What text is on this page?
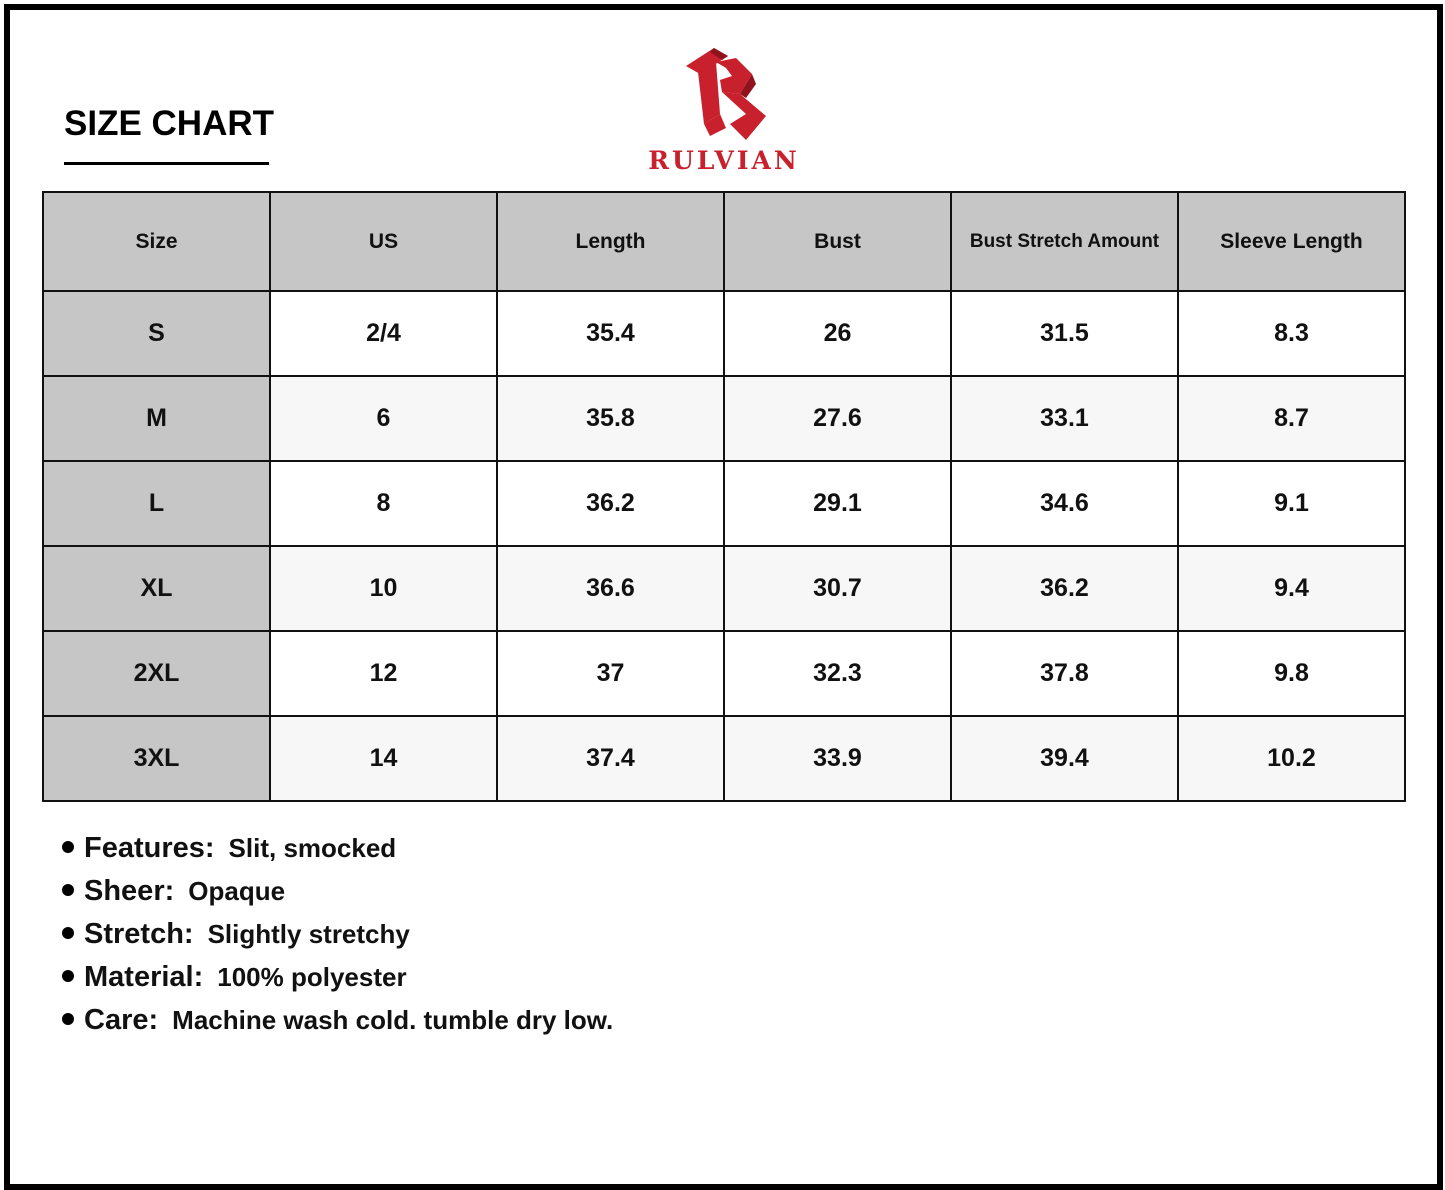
SIZE CHART
RULVIAN
Size	US	Length	Bust	Bust Stretch Amount	Sleeve Length
S	2/4	35.4	26	31.5	8.3
M	6	35.8	27.6	33.1	8.7
L	8	36.2	29.1	34.6	9.1
XL	10	36.6	30.7	36.2	9.4
2XL	12	37	32.3	37.8	9.8
3XL	14	37.4	33.9	39.4	10.2
Features: Slit, smocked
Sheer: Opaque
Stretch: Slightly stretchy
Material: 100% polyester
Care: Machine wash cold. tumble dry low.
